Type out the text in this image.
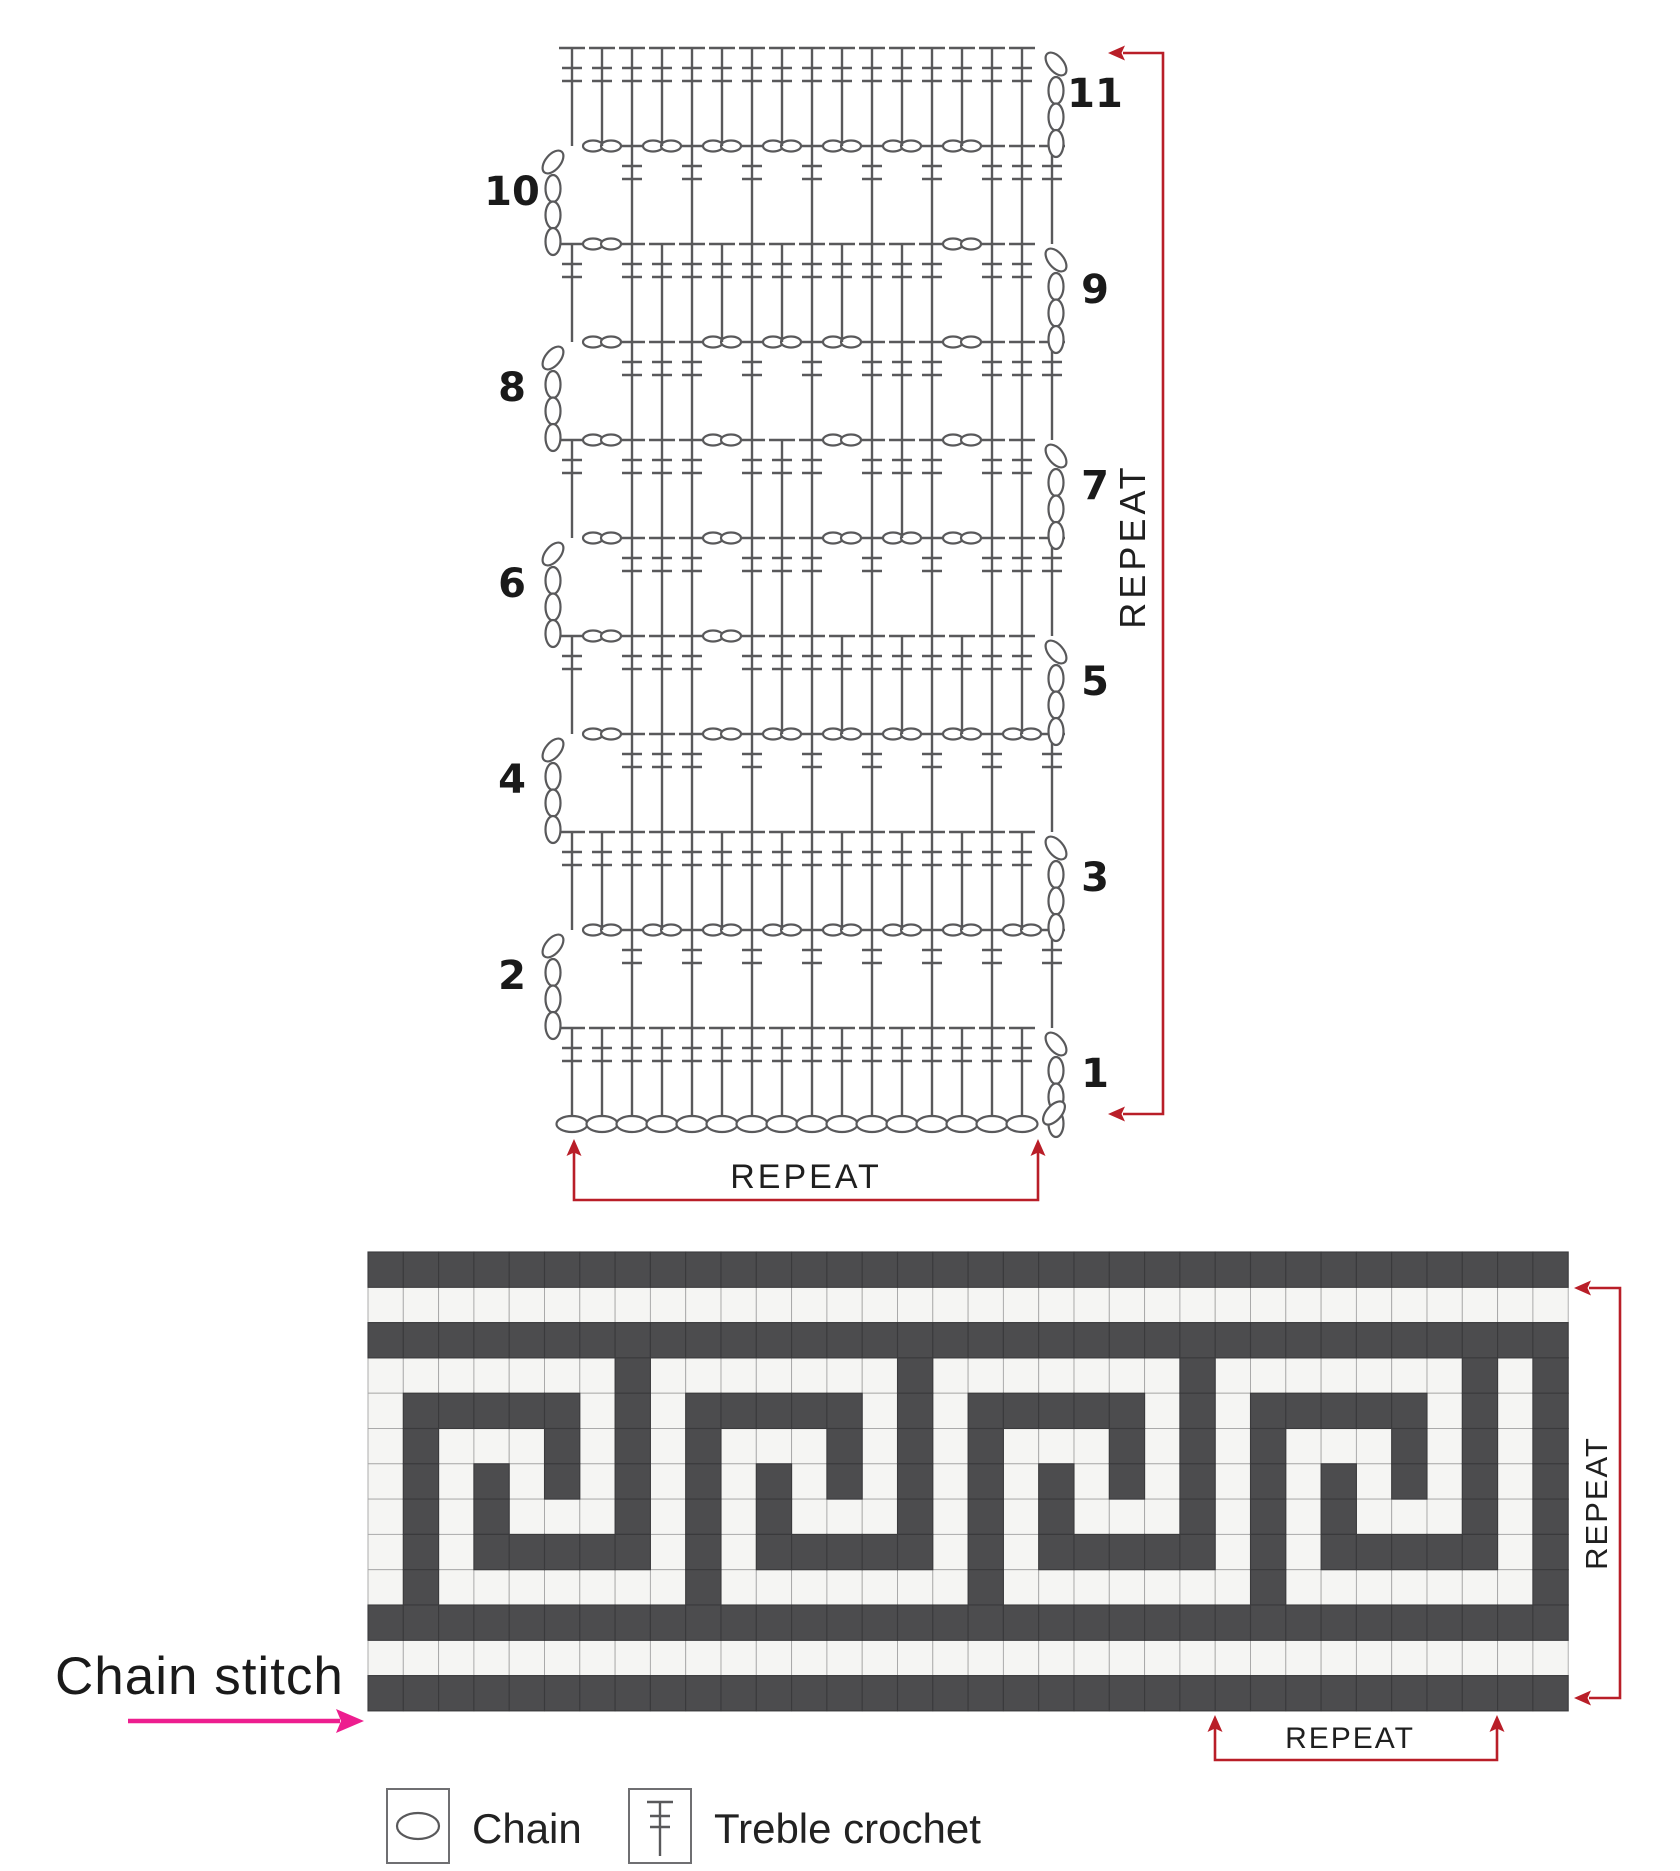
REPEAT
REPEAT
REPEAT
REPEAT
Chain stitch
Chain	Treble crochet
1
2
3
4
5
6
7
8
9
10
11
